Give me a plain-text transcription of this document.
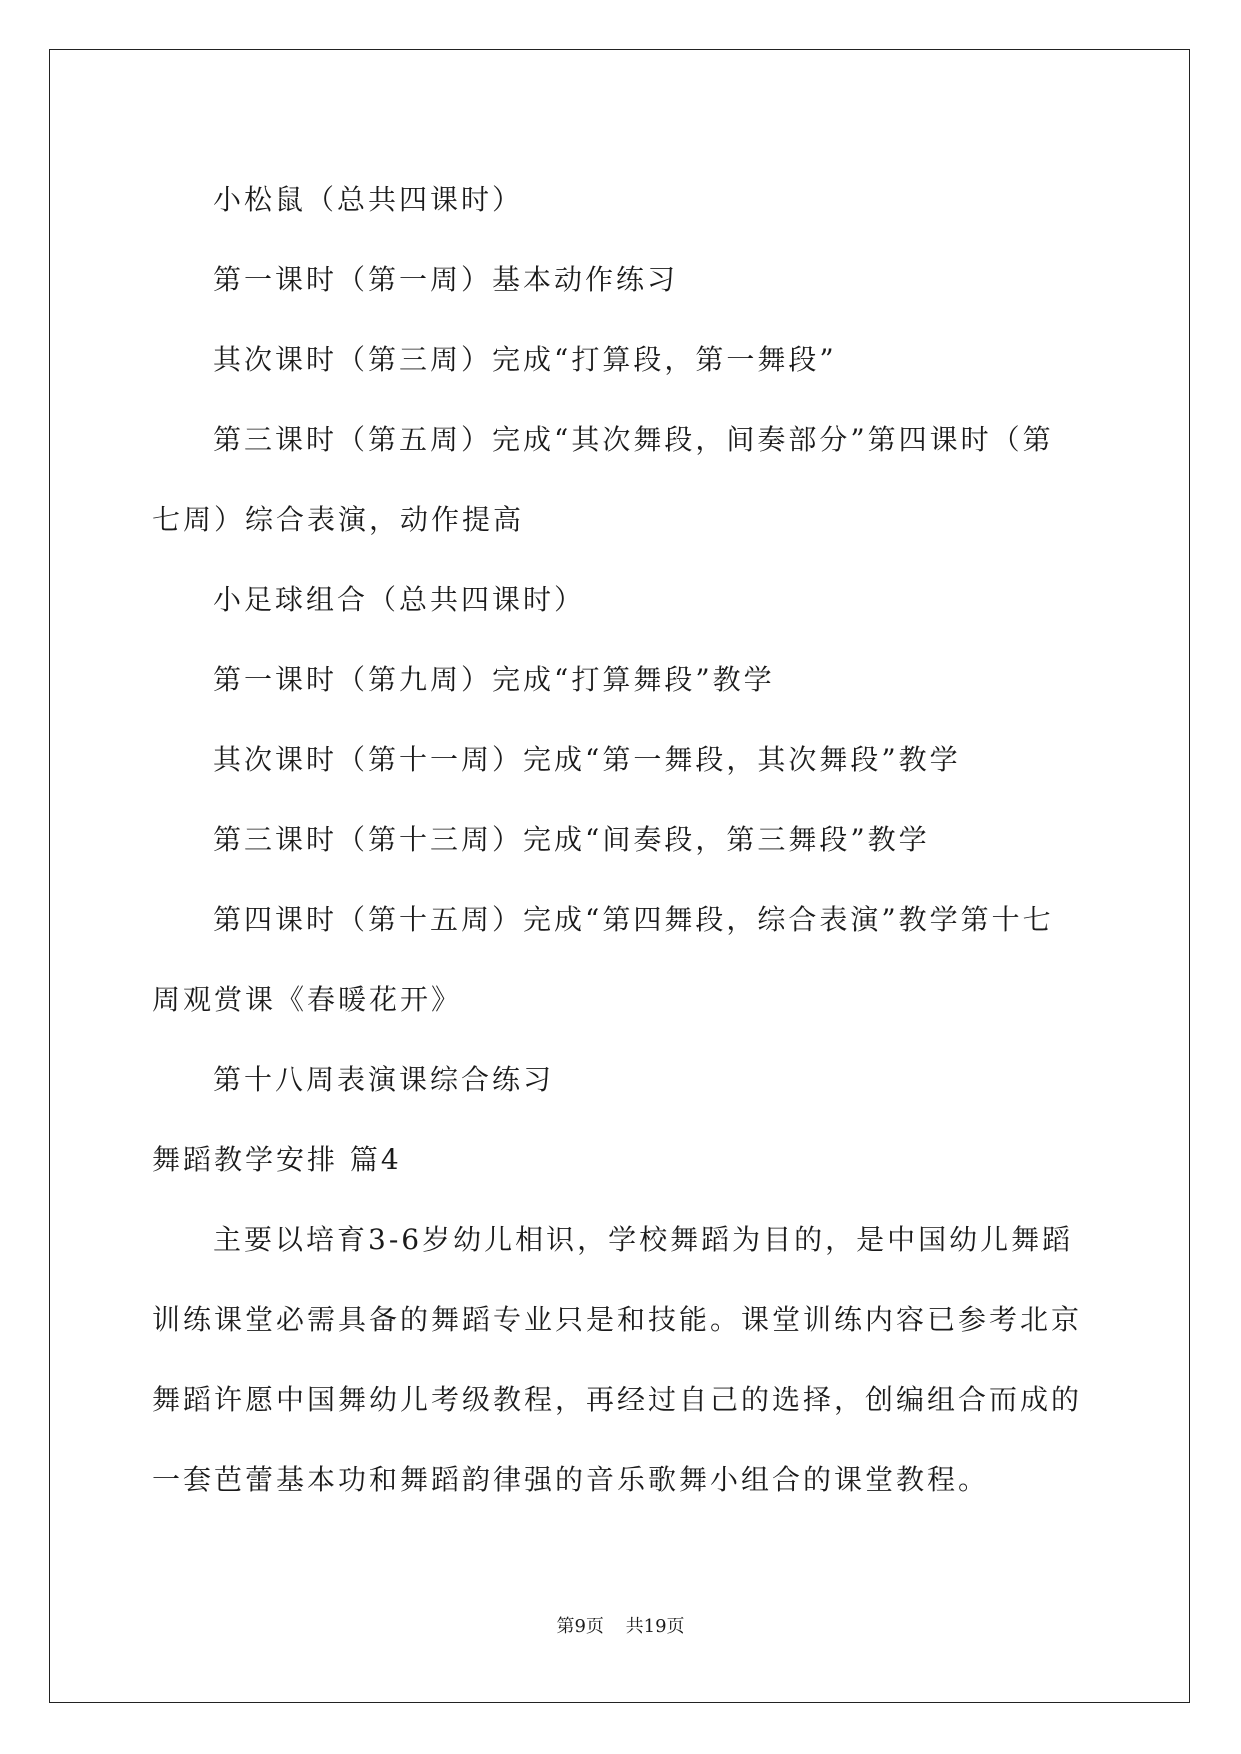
小松鼠（总共四课时）

第一课时（第一周）基本动作练习

其次课时（第三周）完成“打算段，第一舞段”

第三课时（第五周）完成“其次舞段，间奏部分”第四课时（第七周）综合表演，动作提高

小足球组合（总共四课时）

第一课时（第九周）完成“打算舞段”教学

其次课时（第十一周）完成“第一舞段，其次舞段”教学

第三课时（第十三周）完成“间奏段，第三舞段”教学

第四课时（第十五周）完成“第四舞段，综合表演”教学第十七周观赏课《春暖花开》

第十八周表演课综合练习

舞蹈教学安排 篇4

主要以培育3-6岁幼儿相识，学校舞蹈为目的，是中国幼儿舞蹈训练课堂必需具备的舞蹈专业只是和技能。课堂训练内容已参考北京舞蹈许愿中国舞幼儿考级教程，再经过自己的选择，创编组合而成的一套芭蕾基本功和舞蹈韵律强的音乐歌舞小组合的课堂教程。

第9页 共19页
